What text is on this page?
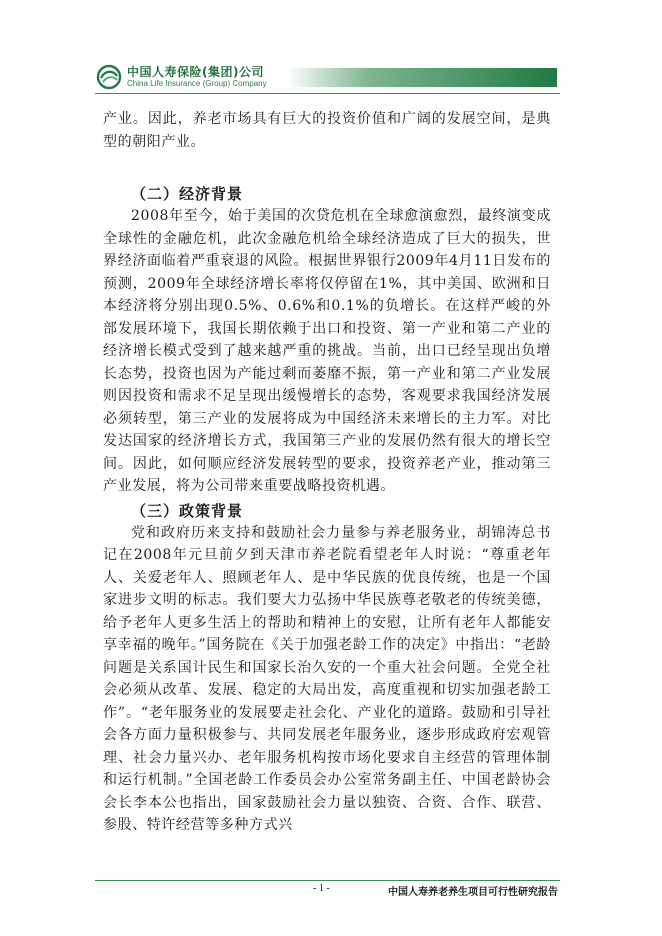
中国人寿保险(集团)公司
China Life Insurance (Group) Company

产业。因此，养老市场具有巨大的投资价值和广阔的发展空间，是典型的朝阳产业。

（二）经济背景

2008年至今，始于美国的次贷危机在全球愈演愈烈，最终演变成全球性的金融危机，此次金融危机给全球经济造成了巨大的损失，世界经济面临着严重衰退的风险。根据世界银行2009年4月11日发布的预测，2009年全球经济增长率将仅停留在1%，其中美国、欧洲和日本经济将分别出现0.5%、0.6%和0.1%的负增长。在这样严峻的外部发展环境下，我国长期依赖于出口和投资、第一产业和第二产业的经济增长模式受到了越来越严重的挑战。当前，出口已经呈现出负增长态势，投资也因为产能过剩而萎靡不振，第一产业和第二产业发展则因投资和需求不足呈现出缓慢增长的态势，客观要求我国经济发展必须转型，第三产业的发展将成为中国经济未来增长的主力军。对比发达国家的经济增长方式，我国第三产业的发展仍然有很大的增长空间。因此，如何顺应经济发展转型的要求，投资养老产业，推动第三产业发展，将为公司带来重要战略投资机遇。

（三）政策背景

党和政府历来支持和鼓励社会力量参与养老服务业，胡锦涛总书记在2008年元旦前夕到天津市养老院看望老年人时说：“尊重老年人、关爱老年人、照顾老年人、是中华民族的优良传统，也是一个国家进步文明的标志。我们要大力弘扬中华民族尊老敬老的传统美德，给予老年人更多生活上的帮助和精神上的安慰，让所有老年人都能安享幸福的晚年。”国务院在《关于加强老龄工作的决定》中指出：“老龄问题是关系国计民生和国家长治久安的一个重大社会问题。全党全社会必须从改革、发展、稳定的大局出发，高度重视和切实加强老龄工作”。“老年服务业的发展要走社会化、产业化的道路。鼓励和引导社会各方面力量积极参与、共同发展老年服务业，逐步形成政府宏观管理、社会力量兴办、老年服务机构按市场化要求自主经营的管理体制和运行机制。”全国老龄工作委员会办公室常务副主任、中国老龄协会会长李本公也指出，国家鼓励社会力量以独资、合资、合作、联营、参股、特许经营等多种方式兴

- 1 -	中国人寿养老养生项目可行性研究报告
